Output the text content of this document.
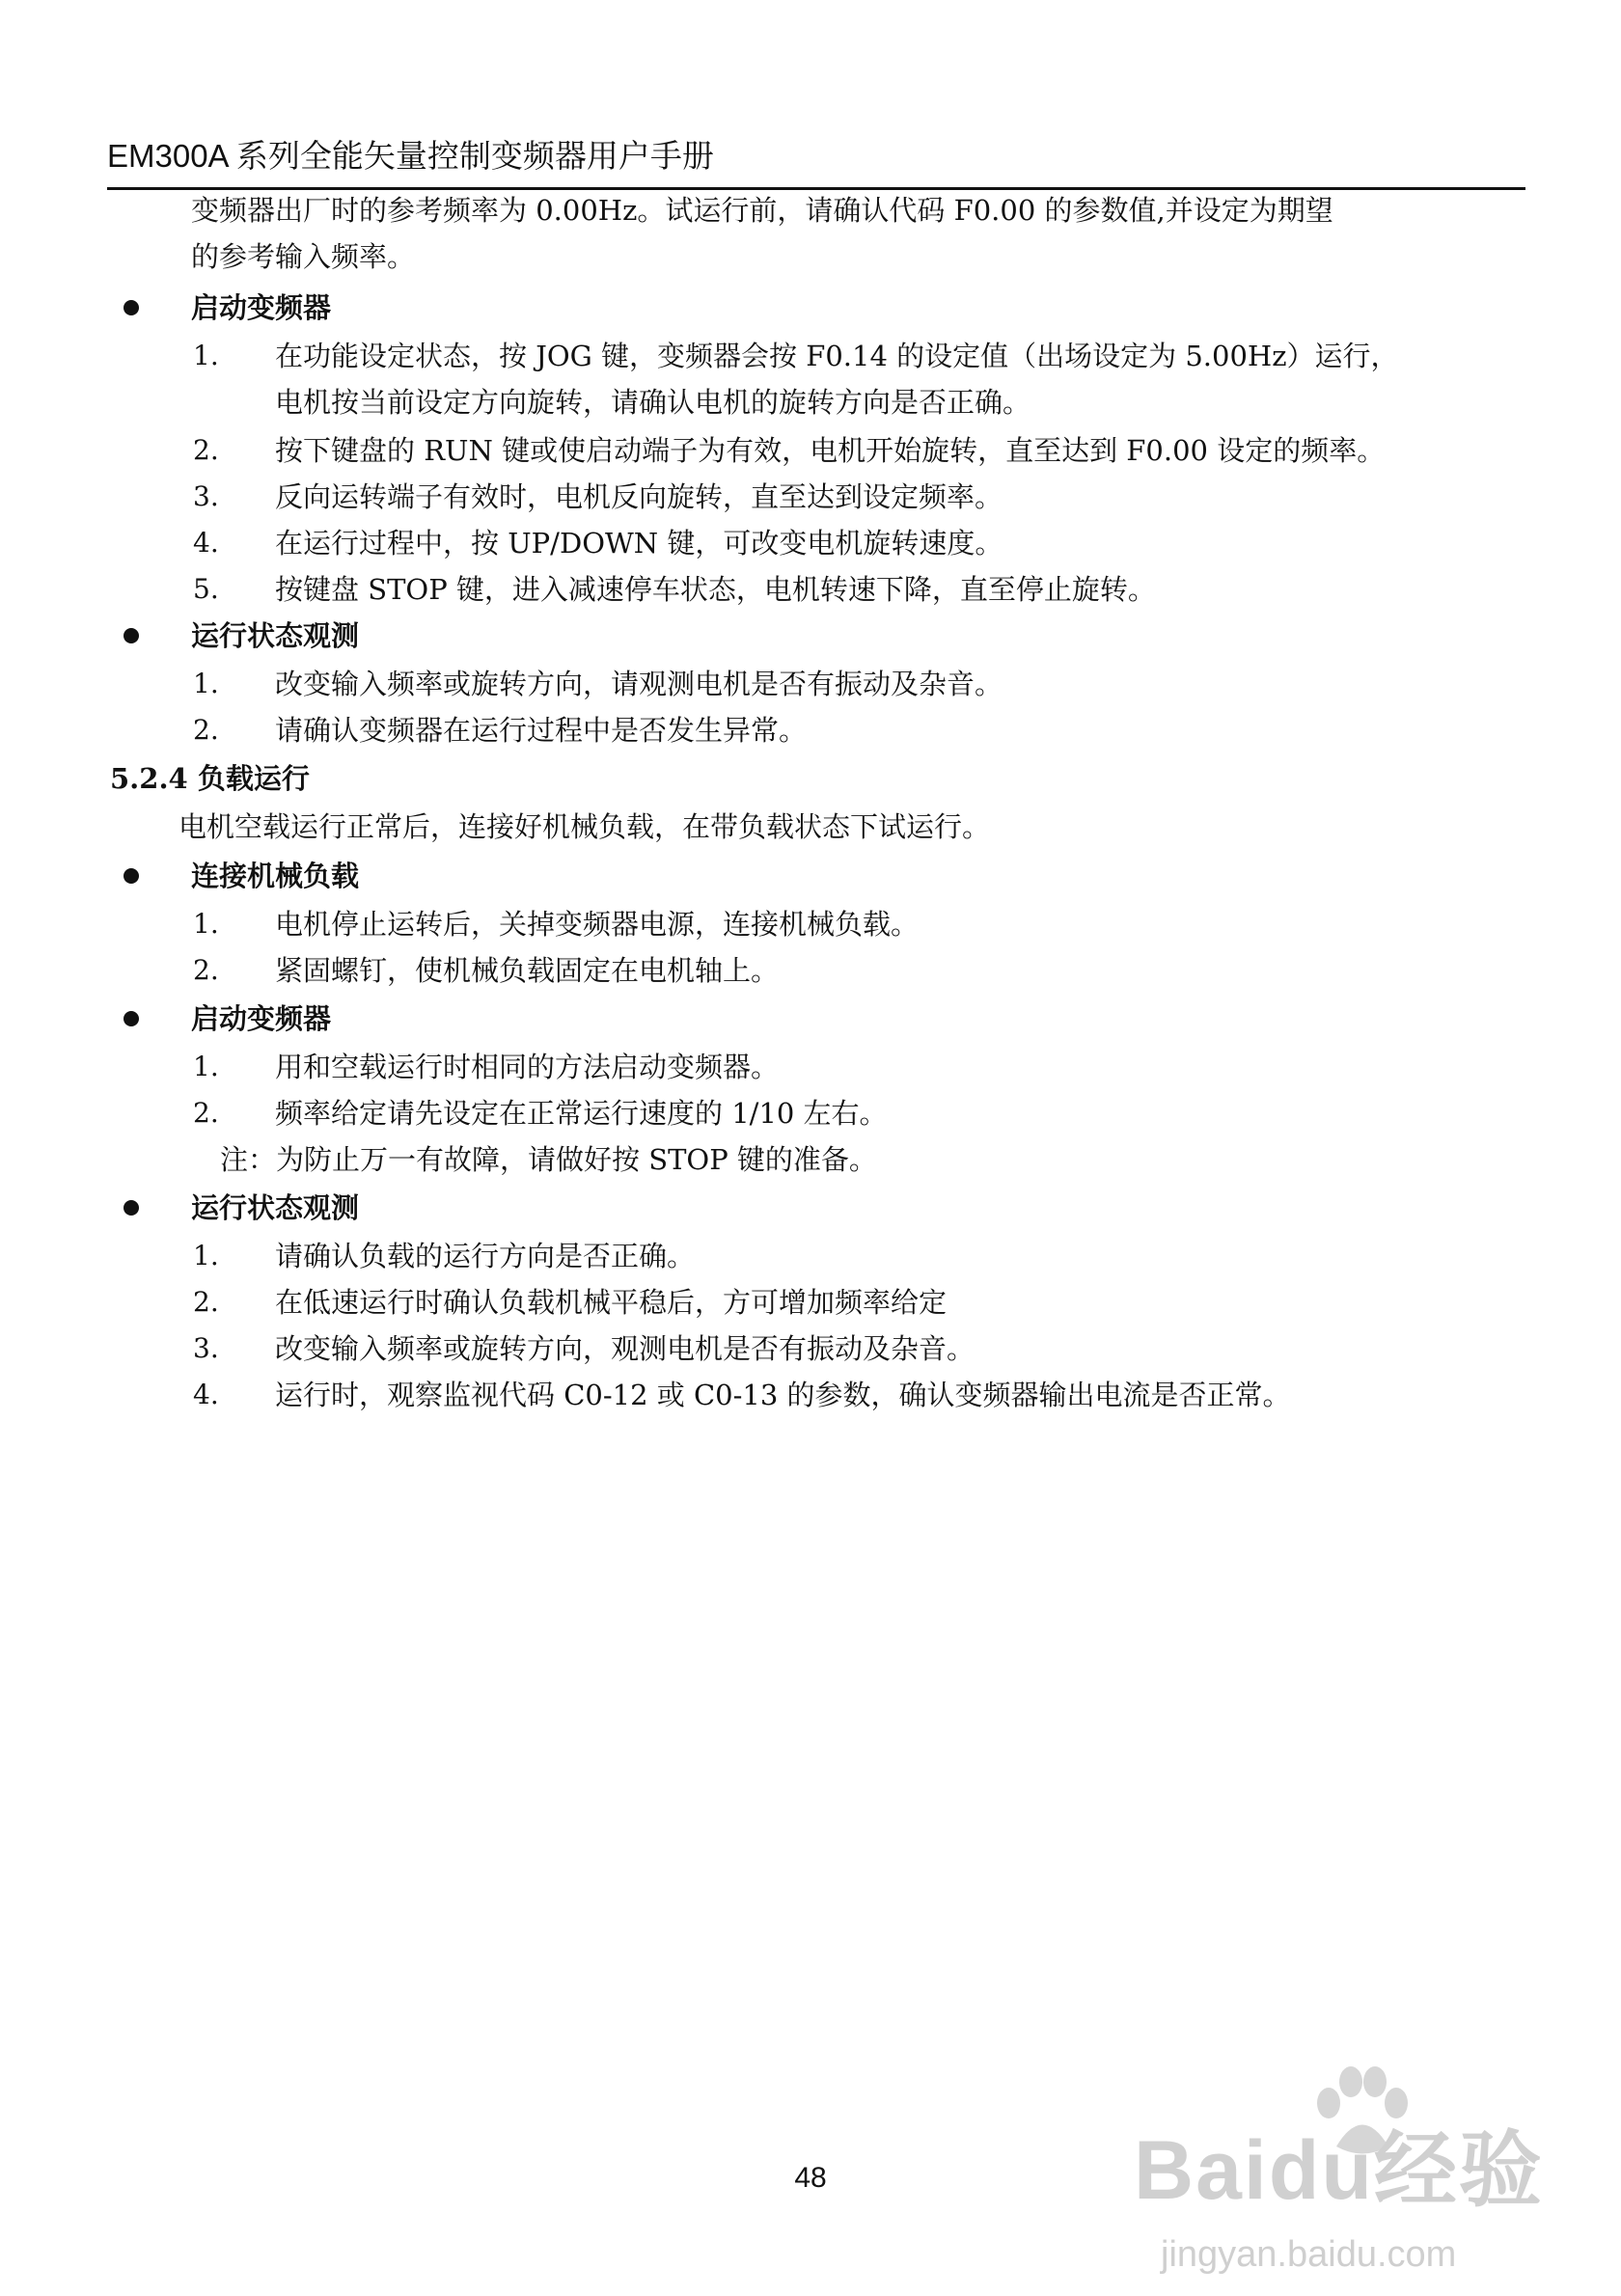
EM300A 系列全能矢量控制变频器用户手册
变频器出厂时的参考频率为 0.00Hz。试运行前，请确认代码 F0.00 的参数值,并设定为期望
的参考输入频率。
启动变频器
1. 在功能设定状态，按 JOG 键，变频器会按 F0.14 的设定值（出场设定为 5.00Hz）运行，
电机按当前设定方向旋转，请确认电机的旋转方向是否正确。
2. 按下键盘的 RUN 键或使启动端子为有效，电机开始旋转，直至达到 F0.00 设定的频率。
3. 反向运转端子有效时，电机反向旋转，直至达到设定频率。
4. 在运行过程中，按 UP/DOWN 键，可改变电机旋转速度。
5. 按键盘 STOP 键，进入减速停车状态，电机转速下降，直至停止旋转。
运行状态观测
1. 改变输入频率或旋转方向，请观测电机是否有振动及杂音。
2. 请确认变频器在运行过程中是否发生异常。
5.2.4 负载运行
电机空载运行正常后，连接好机械负载，在带负载状态下试运行。
连接机械负载
1. 电机停止运转后，关掉变频器电源，连接机械负载。
2. 紧固螺钉，使机械负载固定在电机轴上。
启动变频器
1. 用和空载运行时相同的方法启动变频器。
2. 频率给定请先设定在正常运行速度的 1/10 左右。
注：为防止万一有故障，请做好按 STOP 键的准备。
运行状态观测
1. 请确认负载的运行方向是否正确。
2. 在低速运行时确认负载机械平稳后，方可增加频率给定
3. 改变输入频率或旋转方向，观测电机是否有振动及杂音。
4. 运行时，观察监视代码 C0-12 或 C0-13 的参数，确认变频器输出电流是否正常。
48	Baidu经验
jingyan.baidu.com
